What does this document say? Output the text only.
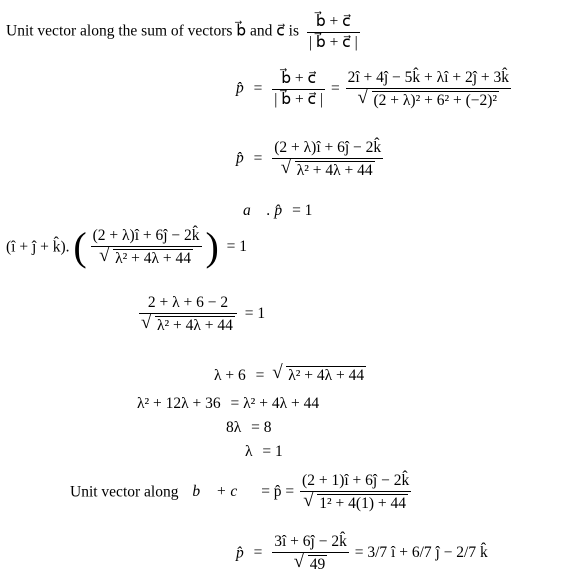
Unit vector along the sum of vectors b⃗ and c⃗ is $\frac{b⃗ + c⃗}{| b⃗ + c⃗ |}$
p̂ = $\frac{b⃗ + c⃗}{| b⃗ + c⃗ |}$ = 2î + 4ĵ − 5k̂ + λî + 2ĵ + 3k̂
√ (2 + λ)² + 6² + (−2)²
p̂ = (2 + λ)î + 6ĵ − 2k̂
√ λ² + 4λ + 44
a⃗ . p̂ = 1
(î + ĵ + k̂). ( (2 + λ)î + 6ĵ − 2k̂
√ λ² + 4λ + 44 ) = 1
2 + λ + 6 − 2
√ λ² + 4λ + 44 = 1
λ + 6 = √ λ² + 4λ + 44
λ² + 12λ + 36 = λ² + 4λ + 44
8λ = 8
λ = 1
Unit vector along b⃗ + c⃗ = p̂ = (2 + 1)î + 6ĵ − 2k̂
√ 1² + 4(1) + 44
p̂ = 3î + 6ĵ − 2k̂
√ 49 = 3/7 î + 6/7 ĵ − 2/7 k̂
